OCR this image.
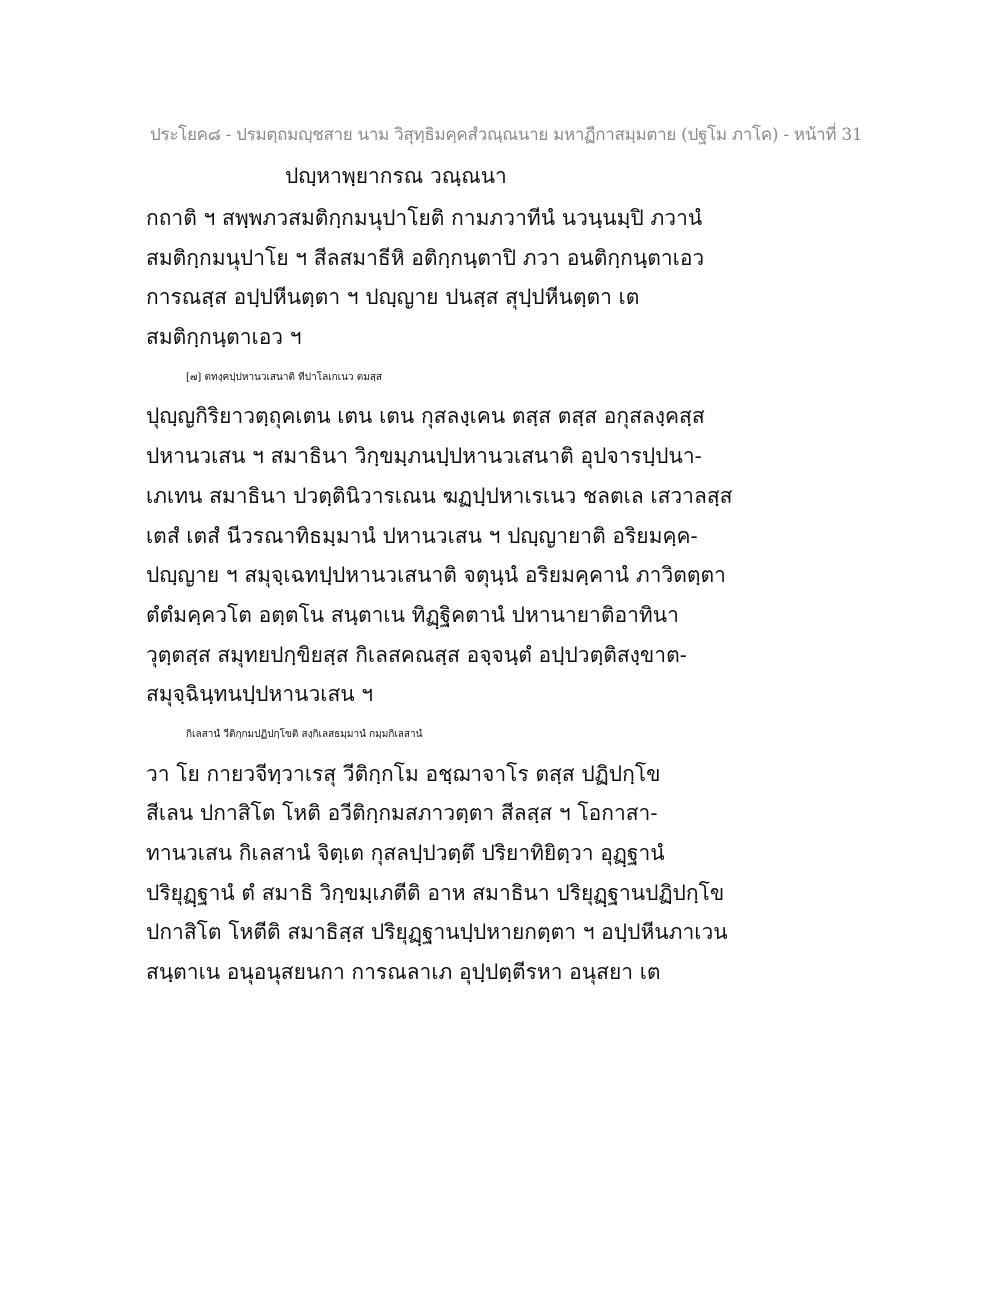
ประโยค๘ - ปรมตฺถมญฺชสาย นาม วิสุทฺธิมคฺคสํวณฺณนาย มหาฏีกาสมฺมตาย (ปฐโม ภาโค) - หน้าที่ 31
ปญฺหาพฺยากรณ วณฺณนา
กถาติ ฯ สพฺพภวสมติกฺกมนุปาโยติ กามภวาทีนํ นวนฺนมฺปิ ภวานํ
สมติกฺกมนุปาโย ฯ สีลสมาธีหิ อติกฺกนฺตาปิ ภวา อนติกฺกนฺตาเอว
การณสฺส อปฺปหีนตฺตา ฯ ปญฺญาย ปนสฺส สุปฺปหีนตฺตา เต
สมติกฺกนฺตาเอว ฯ
[๗] ตทงฺคปฺปหานวเสนาติ ทีปาโลเกเนว ตมสฺส
ปุญฺญกิริยาวตฺถุคเตน เตน เตน กุสลงฺเคน ตสฺส ตสฺส อกุสลงฺคสฺส
ปหานวเสน ฯ สมาธินา วิกฺขมฺภนปฺปหานวเสนาติ อุปจารปฺปนา-
เภเทน สมาธินา ปวตฺตินิวารเณน ฆฏปฺปหาเรเนว ชลตเล เสวาลสฺส
เตสํ เตสํ นีวรณาทิธมฺมานํ ปหานวเสน ฯ ปญฺญายาติ อริยมคฺค-
ปญฺญาย ฯ สมุจฺเฉทปฺปหานวเสนาติ จตุนฺนํ อริยมคฺคานํ ภาวิตตฺตา
ตํตํมคฺควโต อตฺตโน สนฺตาเน ทิฏฺฐิคตานํ ปหานายาติอาทินา
วุตฺตสฺส สมุทยปกฺขิยสฺส กิเลสคณสฺส อจฺจนฺตํ อปฺปวตฺติสงฺขาต-
สมุจฺฉินฺทนปฺปหานวเสน ฯ
กิเลสานํ วีติกฺกมปฏิปกฺโขติ สงฺกิเลสธมฺมานํ กมฺมกิเลสานํ
วา โย กายวจีทฺวาเรสุ วีติกฺกโม อชฺฌาจาโร ตสฺส ปฏิปกฺโข
สีเลน ปกาสิโต โหติ อวีติกฺกมสภาวตฺตา สีลสฺส ฯ โอกาสา-
ทานวเสน กิเลสานํ จิตฺเต กุสลปฺปวตฺตึ ปริยาทิยิตฺวา อุฏฺฐานํ
ปริยุฏฺฐานํ ตํ สมาธิ วิกฺขมฺเภตีติ อาห สมาธินา ปริยุฏฺฐานปฏิปกฺโข
ปกาสิโต โหตีติ สมาธิสฺส ปริยุฏฺฐานปฺปหายกตฺตา ฯ อปฺปหีนภาเวน
สนฺตาเน อนุอนุสยนกา การณลาเภ อุปฺปตฺตีรหา อนุสยา เต
